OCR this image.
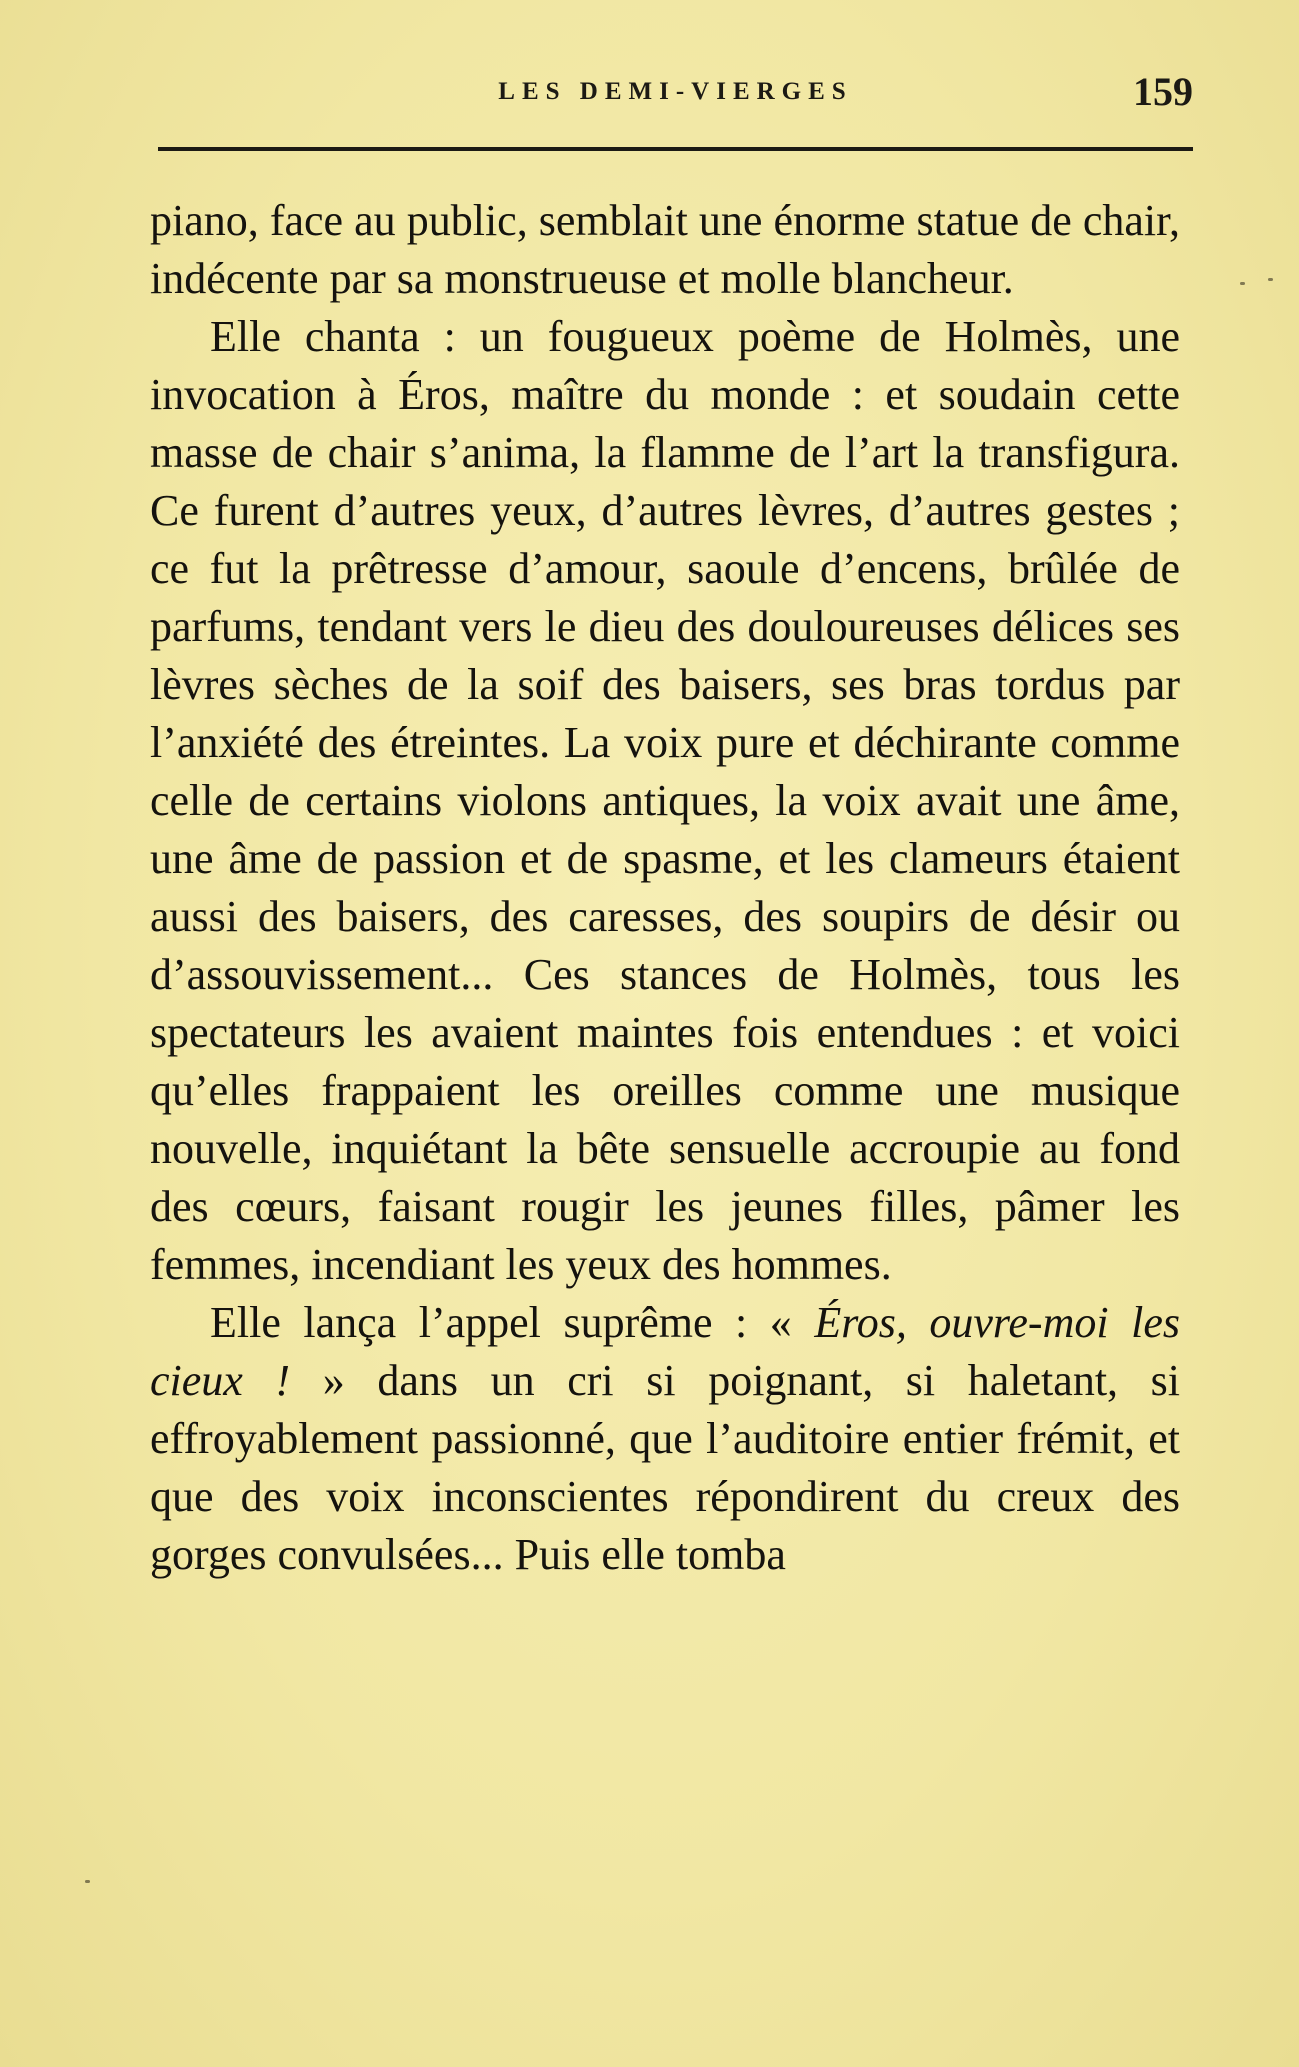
LES DEMI-VIERGES	159

piano, face au public, semblait une énorme statue de chair, indécente par sa monstrueuse et molle blancheur.

Elle chanta : un fougueux poème de Holmès, une invocation à Éros, maître du monde : et soudain cette masse de chair s’anima, la flamme de l’art la transfigura. Ce furent d’autres yeux, d’autres lèvres, d’autres gestes ; ce fut la prêtresse d’amour, saoule d’encens, brûlée de parfums, tendant vers le dieu des douloureuses délices ses lèvres sèches de la soif des baisers, ses bras tordus par l’anxiété des étreintes. La voix pure et déchirante comme celle de certains violons antiques, la voix avait une âme, une âme de passion et de spasme, et les clameurs étaient aussi des baisers, des caresses, des soupirs de désir ou d’assouvissement... Ces stances de Holmès, tous les spectateurs les avaient maintes fois entendues : et voici qu’elles frappaient les oreilles comme une musique nouvelle, inquiétant la bête sensuelle accroupie au fond des cœurs, faisant rougir les jeunes filles, pâmer les femmes, incendiant les yeux des hommes.

Elle lança l’appel suprême : « Éros, ouvre-moi les cieux ! » dans un cri si poignant, si haletant, si effroyablement passionné, que l’auditoire entier frémit, et que des voix inconscientes répondirent du creux des gorges convulsées... Puis elle tomba
